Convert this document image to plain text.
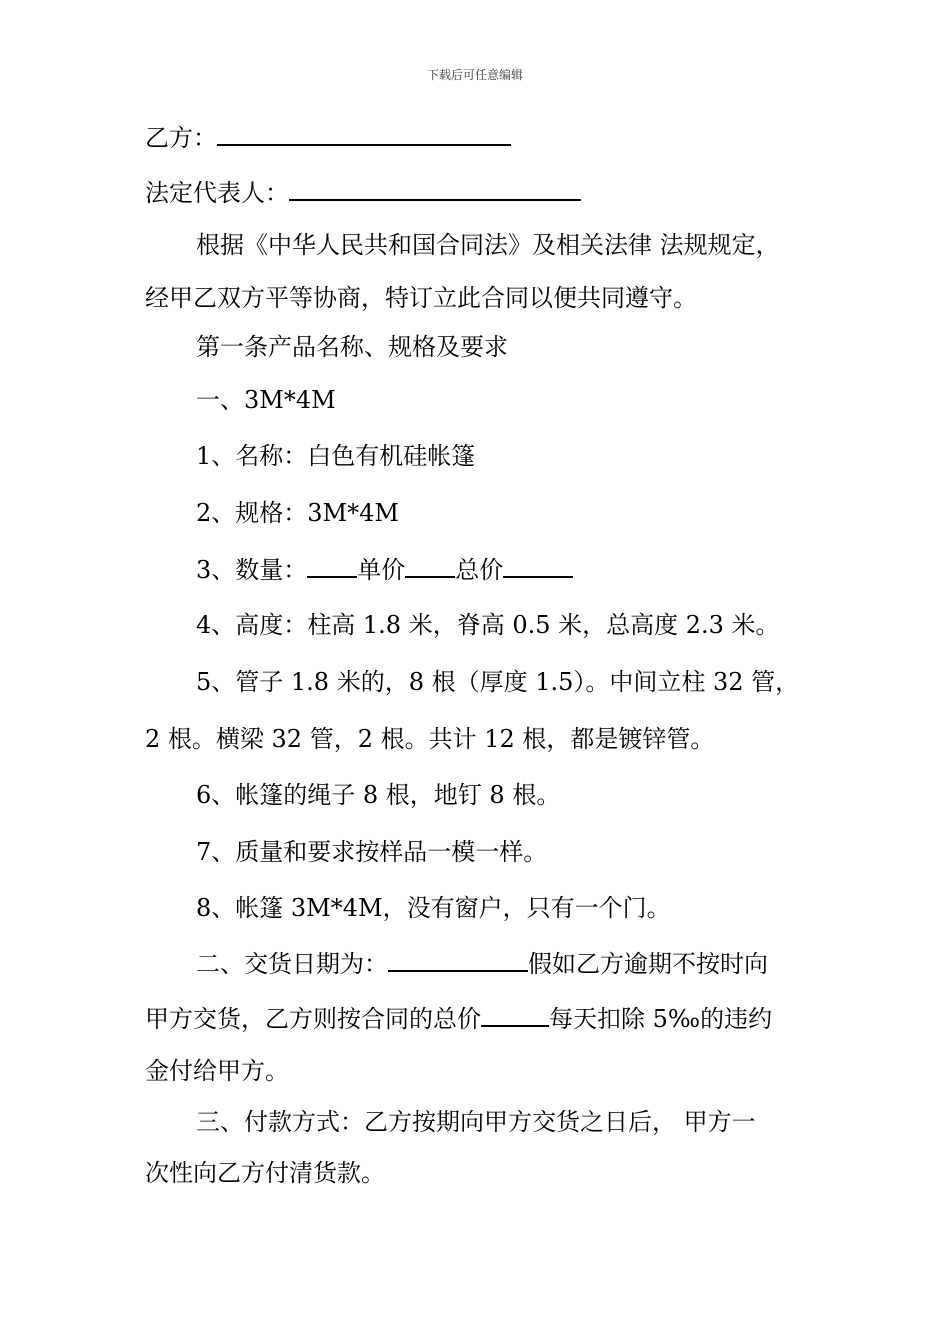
下载后可任意编辑
乙方：
法定代表人：
根据《中华人民共和国合同法》及相关法律 法规规定，
经甲乙双方平等协商，特订立此合同以便共同遵守。
第一条产品名称、规格及要求
一、3M*4M
1、名称：白色有机硅帐篷
2、规格：3M*4M
3、数量： 单价 总价
4、高度：柱高 1.8 米，脊高 0.5 米，总高度 2.3 米。
5、管子 1.8 米的，8 根（厚度 1.5）。中间立柱 32 管，
2 根。横梁 32 管，2 根。共计 12 根，都是镀锌管。
6、帐篷的绳子 8 根，地钉 8 根。
7、质量和要求按样品一模一样。
8、帐篷 3M*4M，没有窗户，只有一个门。
二、交货日期为：	假如乙方逾期不按时向
甲方交货，乙方则按合同的总价	每天扣除 5‰的违约
金付给甲方。
三、付款方式：乙方按期向甲方交货之日后， 甲方一
次性向乙方付清货款。
